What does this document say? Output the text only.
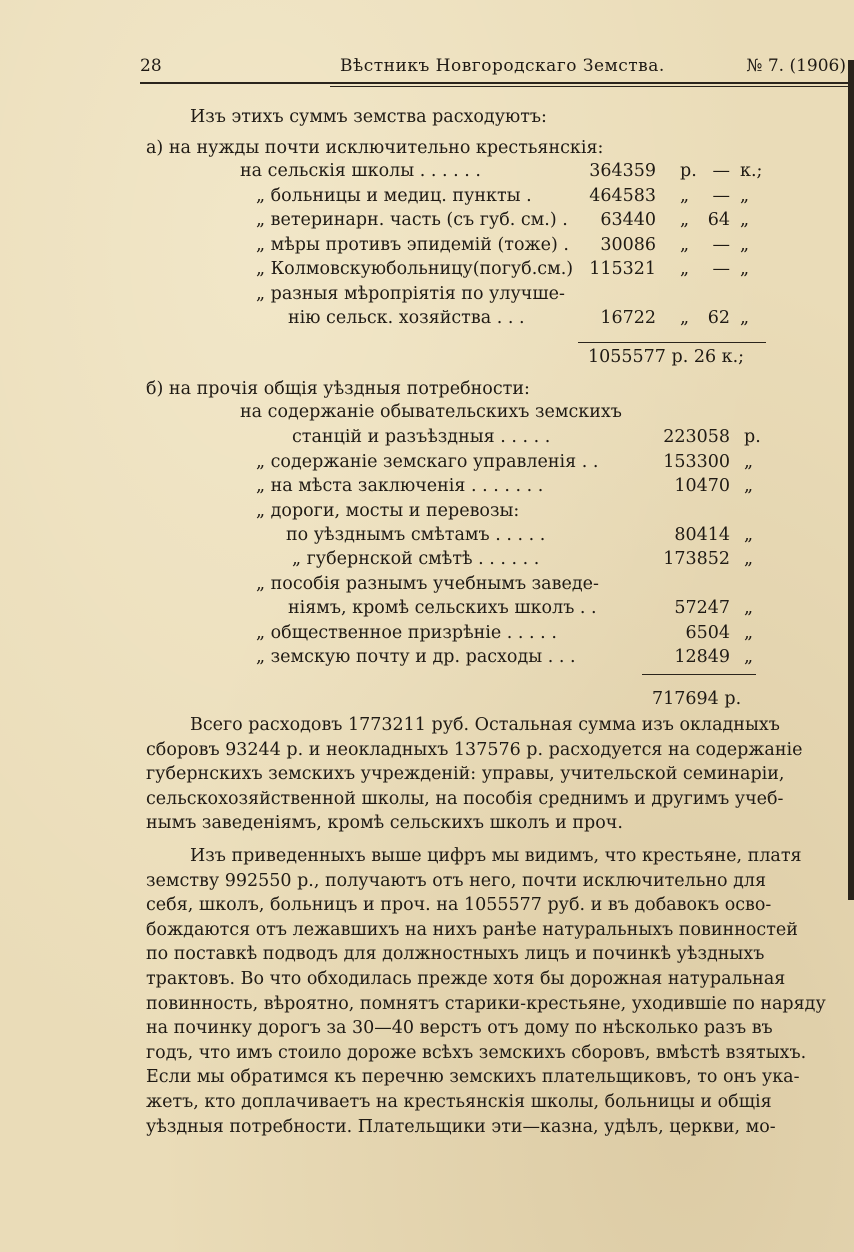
28	Вѣстникъ Новгородскаго Земства.	№ 7. (1906)
Изъ этихъ суммъ земства расходуютъ:
а) на нужды почти исключительно крестьянскія:
на сельскія школы . . . . . .	364359 р. — к.;
„ больницы и медиц. пункты .	464583 „	— „
„ ветеринарн. часть (съ губ. см.) .	63440 „	64 „
„ мѣры противъ эпидемій (тоже) .	30086 „	— „
„ Колмовскуюбольницу(погуб.см.) 115321 „	— „
„ разныя мѣропріятія по улучше-
нію сельск. хозяйства . . .	16722 „	62 „
1055577 р. 26 к.;
б) на прочія общія уѣздныя потребности:
на содержаніе обывательскихъ земскихъ
станцій и разъѣздныя . . . . .	223058 р.
„ содержаніе земскаго управленія . .	153300 „
„ на мѣста заключенія . . . . . . .	10470 „
„ дороги, мосты и перевозы:
по уѣзднымъ смѣтамъ . . . . .	80414 „
„ губернской смѣтѣ . . . . . .	173852 „
„ пособія разнымъ учебнымъ заведе-
ніямъ, кромѣ сельскихъ школъ . .	57247 „
„ общественное призрѣніе . . . . .	6504 „
„ земскую почту и др. расходы . . .	12849 „
717694 р.
Всего расходовъ 1773211 руб. Остальная сумма изъ окладныхъ
сборовъ 93244 р. и неокладныхъ 137576 р. расходуется на содержаніе
губернскихъ земскихъ учрежденій: управы, учительской семинаріи,
сельскохозяйственной школы, на пособія среднимъ и другимъ учеб-
нымъ заведеніямъ, кромѣ сельскихъ школъ и проч.
Изъ приведенныхъ выше цифръ мы видимъ, что крестьяне, платя
земству 992550 р., получаютъ отъ него, почти исключительно для
себя, школъ, больницъ и проч. на 1055577 руб. и въ добавокъ осво-
бождаются отъ лежавшихъ на нихъ ранѣе натуральныхъ повинностей
по поставкѣ подводъ для должностныхъ лицъ и починкѣ уѣздныхъ
трактовъ. Во что обходилась прежде хотя бы дорожная натуральная
повинность, вѣроятно, помнятъ старики-крестьяне, уходившіе по наряду
на починку дорогъ за 30—40 верстъ отъ дому по нѣсколько разъ въ
годъ, что имъ стоило дороже всѣхъ земскихъ сборовъ, вмѣстѣ взятыхъ.
Если мы обратимся къ перечню земскихъ плательщиковъ, то онъ ука-
жетъ, кто доплачиваетъ на крестьянскія школы, больницы и общія
уѣздныя потребности. Плательщики эти—казна, удѣлъ, церкви, мо-
